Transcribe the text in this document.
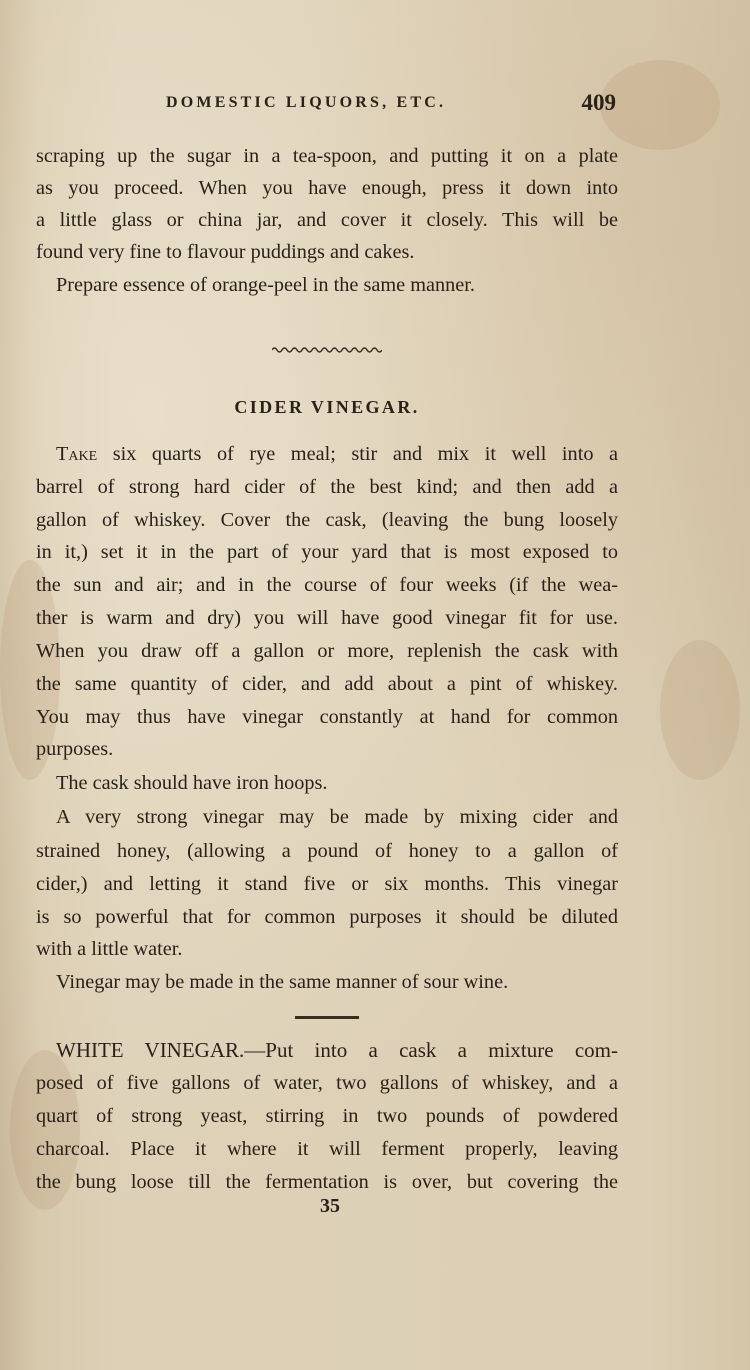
DOMESTIC LIQUORS, ETC.	409
scraping up the sugar in a tea-spoon, and putting it on a plate
as you proceed. When you have enough, press it down into
a little glass or china jar, and cover it closely. This will be
found very fine to flavour puddings and cakes.
Prepare essence of orange-peel in the same manner.
CIDER VINEGAR.
Take six quarts of rye meal; stir and mix it well into a
barrel of strong hard cider of the best kind; and then add a
gallon of whiskey. Cover the cask, (leaving the bung loosely
in it,) set it in the part of your yard that is most exposed to
the sun and air; and in the course of four weeks (if the wea-
ther is warm and dry) you will have good vinegar fit for use.
When you draw off a gallon or more, replenish the cask with
the same quantity of cider, and add about a pint of whiskey.
You may thus have vinegar constantly at hand for common
purposes.
The cask should have iron hoops.
A very strong vinegar may be made by mixing cider and
strained honey, (allowing a pound of honey to a gallon of
cider,) and letting it stand five or six months. This vinegar
is so powerful that for common purposes it should be diluted
with a little water.
Vinegar may be made in the same manner of sour wine.
WHITE VINEGAR.—Put into a cask a mixture com-
posed of five gallons of water, two gallons of whiskey, and a
quart of strong yeast, stirring in two pounds of powdered
charcoal. Place it where it will ferment properly, leaving
the bung loose till the fermentation is over, but covering the
35
